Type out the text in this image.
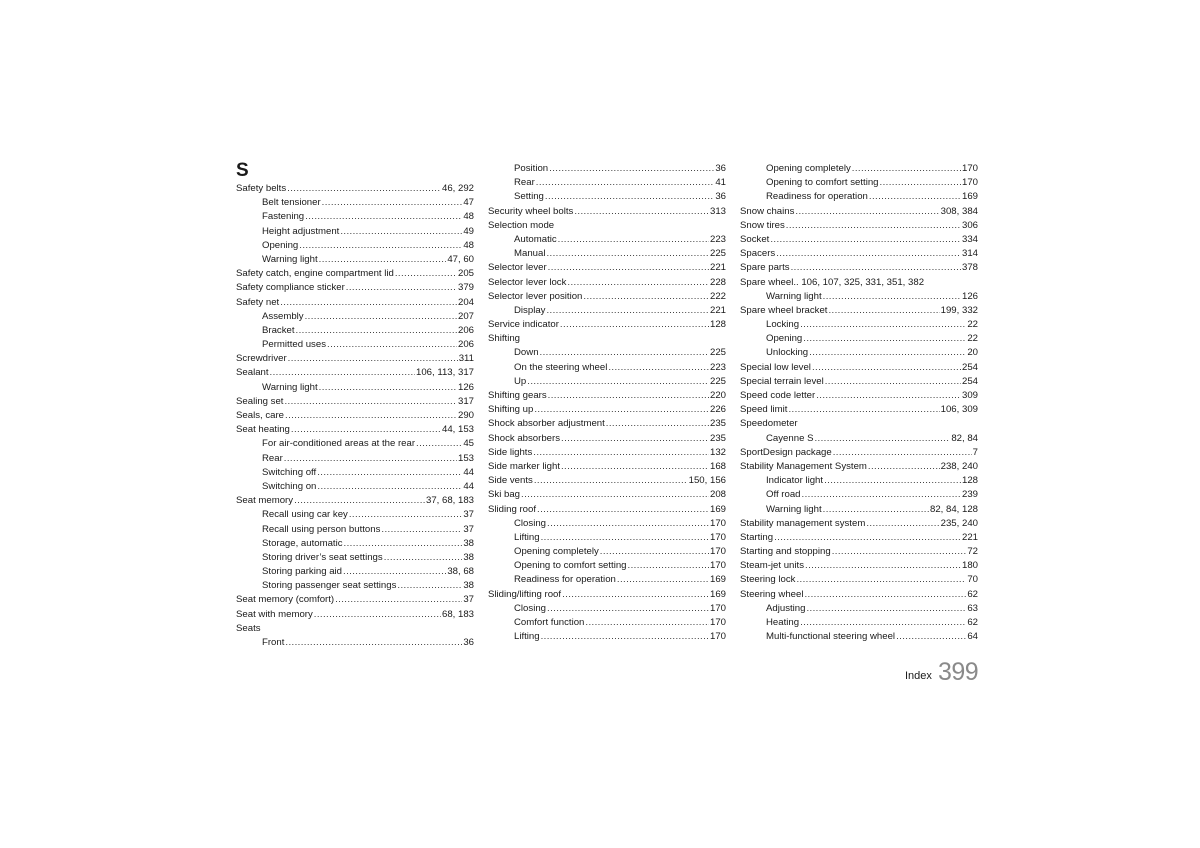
S
Safety belts .....	46, 292
Belt tensioner .....	47
Fastening .....	48
Height adjustment .....	49
Opening .....	48
Warning light .....	47, 60
Safety catch, engine compartment lid .....	205
Safety compliance sticker .....	379
Safety net .....	204
Assembly .....	207
Bracket .....	206
Permitted uses .....	206
Screwdriver .....	311
Sealant .....	106, 113, 317
Warning light .....	126
Sealing set .....	317
Seals, care .....	290
Seat heating .....	44, 153
For air-conditioned areas at the rear .....	45
Rear .....	153
Switching off .....	44
Switching on .....	44
Seat memory .....	37, 68, 183
Recall using car key .....	37
Recall using person buttons .....	37
Storage, automatic .....	38
Storing driver’s seat settings .....	38
Storing parking aid .....	38, 68
Storing passenger seat settings .....	38
Seat memory (comfort) .....	37
Seat with memory .....	68, 183
Seats
Front .....	36
Position .....	36
Rear .....	41
Setting .....	36
Security wheel bolts .....	313
Selection mode
Automatic .....	223
Manual .....	225
Selector lever .....	221
Selector lever lock .....	228
Selector lever position .....	222
Display .....	221
Service indicator .....	128
Shifting
Down .....	225
On the steering wheel .....	223
Up .....	225
Shifting gears .....	220
Shifting up .....	226
Shock absorber adjustment .....	235
Shock absorbers .....	235
Side lights .....	132
Side marker light .....	168
Side vents .....	150, 156
Ski bag .....	208
Sliding roof .....	169
Closing .....	170
Lifting .....	170
Opening completely .....	170
Opening to comfort setting .....	170
Readiness for operation .....	169
Sliding/lifting roof .....	169
Closing .....	170
Comfort function .....	170
Lifting .....	170
Opening completely .....	170
Opening to comfort setting .....	170
Readiness for operation .....	169
Snow chains .....	308, 384
Snow tires .....	306
Socket .....	334
Spacers .....	314
Spare parts .....	378
Spare wheel.. 106, 107, 325, 331, 351, 382
Warning light .....	126
Spare wheel bracket .....	199, 332
Locking .....	22
Opening .....	22
Unlocking .....	20
Special low level .....	254
Special terrain level .....	254
Speed code letter .....	309
Speed limit .....	106, 309
Speedometer
Cayenne S .....	82, 84
SportDesign package .....	7
Stability Management System .....	238, 240
Indicator light .....	128
Off road .....	239
Warning light .....	82, 84, 128
Stability management system .....	235, 240
Starting .....	221
Starting and stopping .....	72
Steam-jet units .....	180
Steering lock .....	70
Steering wheel .....	62
Adjusting .....	63
Heating .....	62
Multi-functional steering wheel .....	64
Index 399
